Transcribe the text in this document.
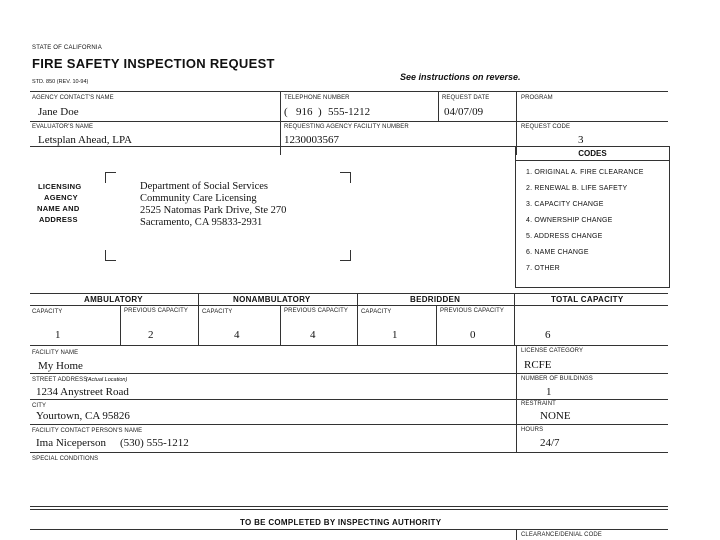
STATE OF CALIFORNIA
FIRE SAFETY INSPECTION REQUEST
See instructions on reverse.
STD. 850 (REV. 10-94)
AGENCY CONTACT'S NAME
Jane Doe
TELEPHONE NUMBER
( 916 ) 555-1212
REQUEST DATE
04/07/09
PROGRAM
EVALUATOR'S NAME
Letsplan Ahead, LPA
REQUESTING AGENCY FACILITY NUMBER
1230003567
REQUEST CODE
3
LICENSING
AGENCY
NAME AND
ADDRESS
Department of Social Services
Community Care Licensing
2525 Natomas Park Drive, Ste 270
Sacramento, CA 95833-2931
CODES
1. ORIGINAL A. FIRE CLEARANCE
2. RENEWAL B. LIFE SAFETY
3. CAPACITY CHANGE
4. OWNERSHIP CHANGE
5. ADDRESS CHANGE
6. NAME CHANGE
7. OTHER
AMBULATORY	NONAMBULATORY	BEDRIDDEN	TOTAL CAPACITY
CAPACITY	PREVIOUS CAPACITY CAPACITY	PREVIOUS CAPACITY CAPACITY	PREVIOUS CAPACITY
1	2	4	4	1	0	6
FACILITY NAME
My Home
LICENSE CATEGORY
RCFE
STREET ADDRESS
(Actual Location)
1234 Anystreet Road
NUMBER OF BUILDINGS
1
CITY
Yourtown, CA 95826
RESTRAINT
NONE
FACILITY CONTACT PERSON'S NAME
Ima Niceperson (530) 555-1212
HOURS
24/7
SPECIAL CONDITIONS
TO BE COMPLETED BY INSPECTING AUTHORITY
CLEARANCE/DENIAL CODE
